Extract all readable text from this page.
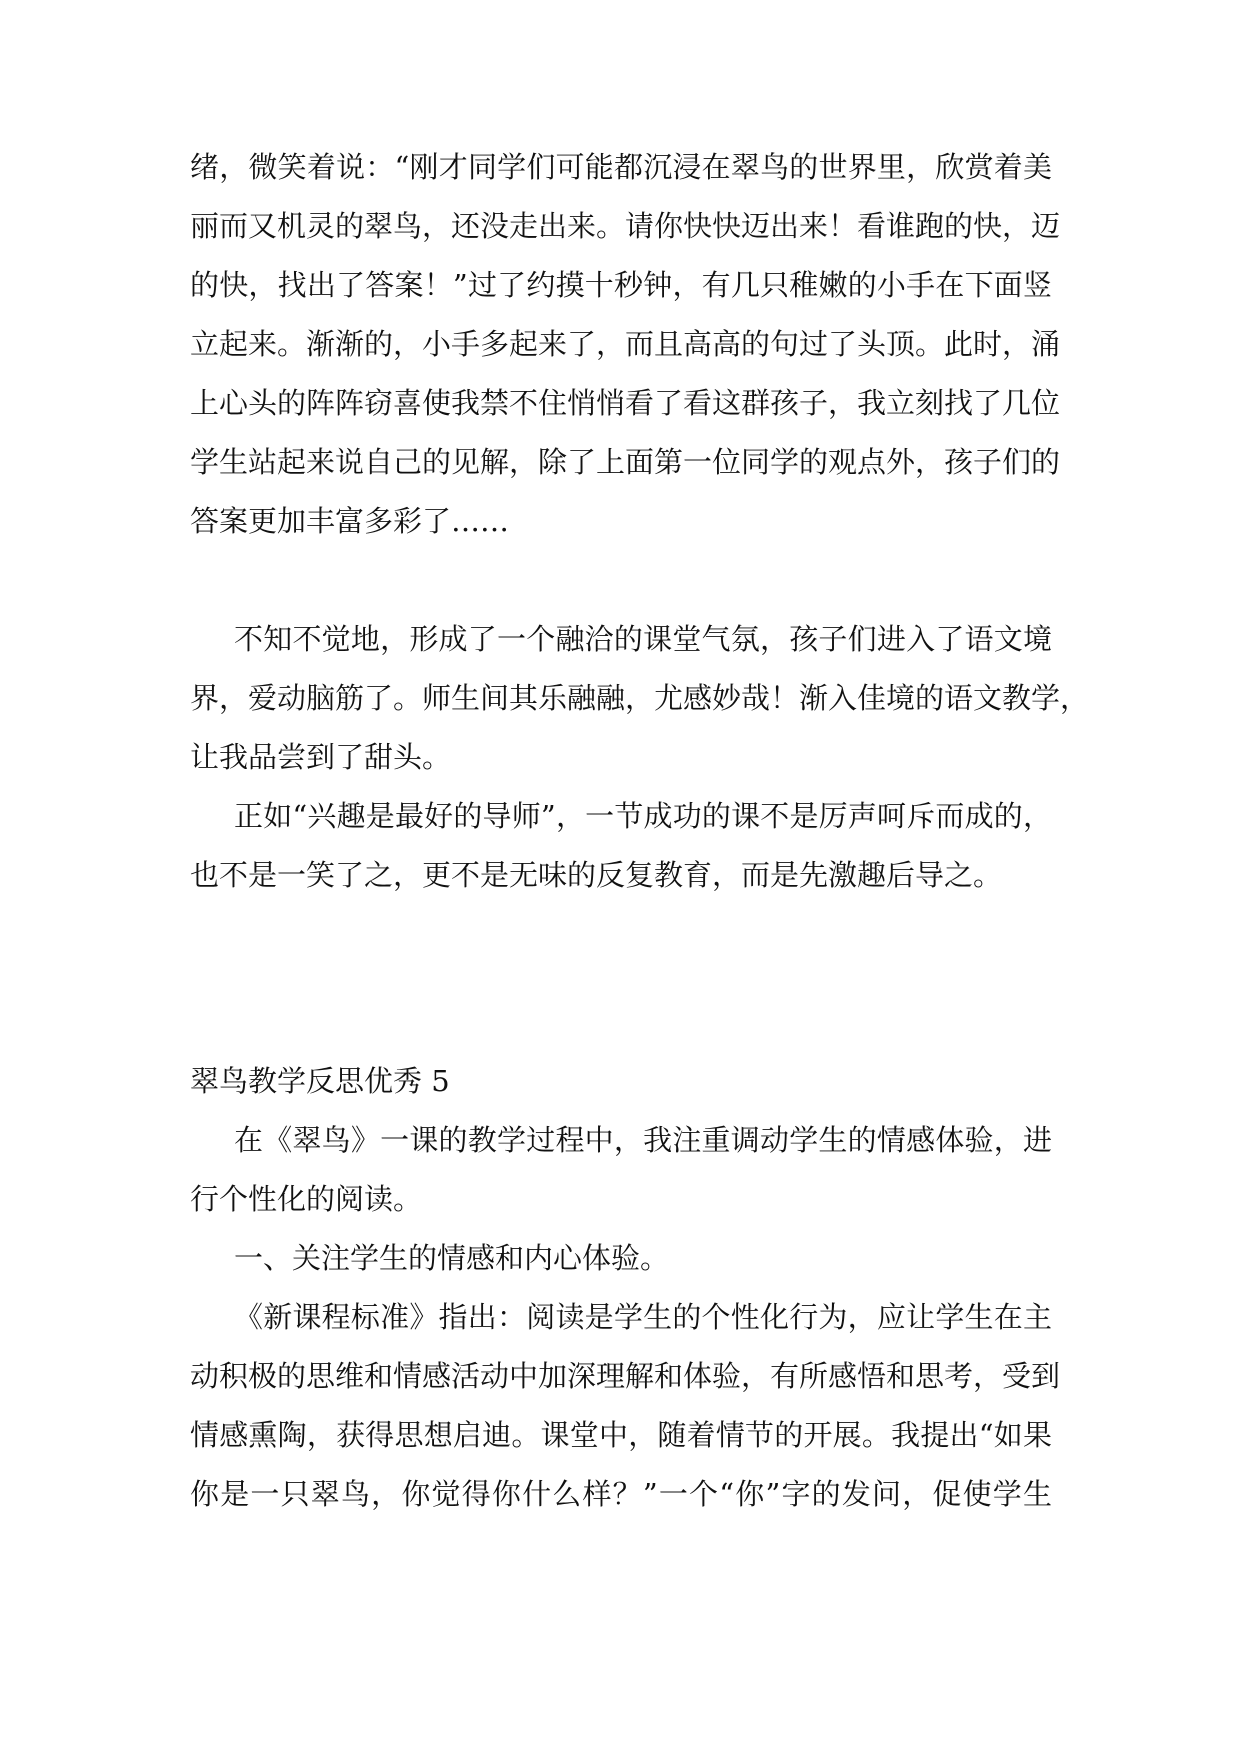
绪，微笑着说：“刚才同学们可能都沉浸在翠鸟的世界里，欣赏着美
丽而又机灵的翠鸟，还没走出来。请你快快迈出来！看谁跑的快，迈
的快，找出了答案！”过了约摸十秒钟，有几只稚嫩的小手在下面竖
立起来。渐渐的，小手多起来了，而且高高的句过了头顶。此时，涌
上心头的阵阵窃喜使我禁不住悄悄看了看这群孩子，我立刻找了几位
学生站起来说自己的见解，除了上面第一位同学的观点外，孩子们的
答案更加丰富多彩了……
不知不觉地，形成了一个融洽的课堂气氛，孩子们进入了语文境
界，爱动脑筋了。师生间其乐融融，尤感妙哉！渐入佳境的语文教学，
让我品尝到了甜头。
正如“兴趣是最好的导师”，一节成功的课不是厉声呵斥而成的，
也不是一笑了之，更不是无味的反复教育，而是先激趣后导之。
翠鸟教学反思优秀 5
在《翠鸟》一课的教学过程中，我注重调动学生的情感体验，进
行个性化的阅读。
一、关注学生的情感和内心体验。
《新课程标准》指出：阅读是学生的个性化行为，应让学生在主
动积极的思维和情感活动中加深理解和体验，有所感悟和思考，受到
情感熏陶，获得思想启迪。课堂中，随着情节的开展。我提出“如果
你是一只翠鸟，你觉得你什么样？”一个“你”字的发问，促使学生
